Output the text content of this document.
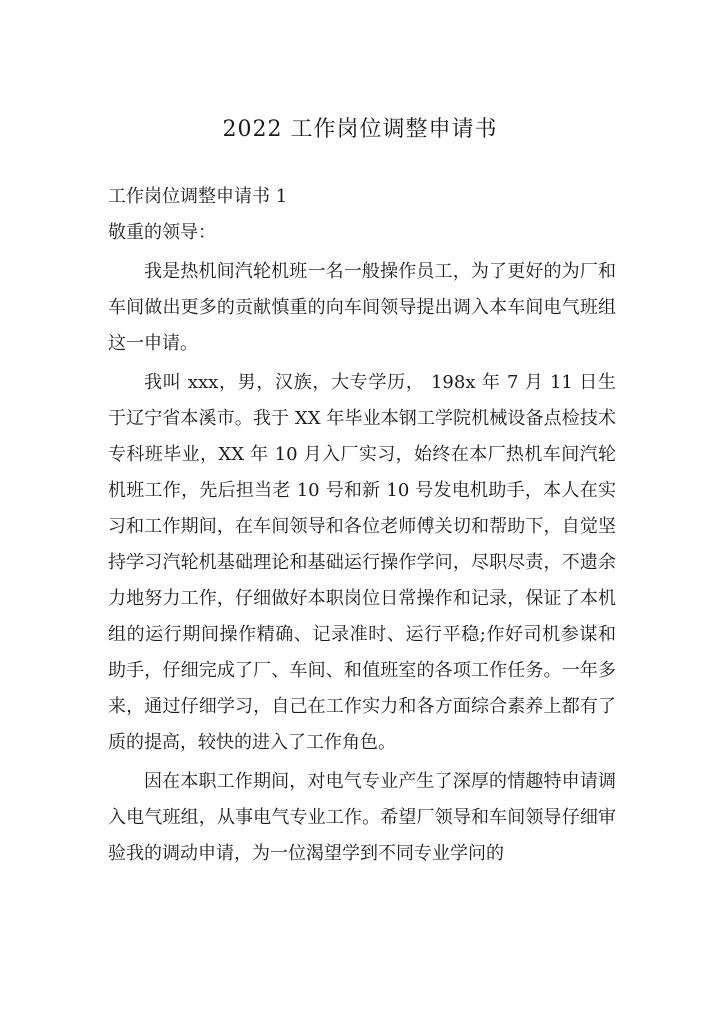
2022 工作岗位调整申请书

工作岗位调整申请书 1

敬重的领导：

我是热机间汽轮机班一名一般操作员工，为了更好的为厂和车间做出更多的贡献慎重的向车间领导提出调入本车间电气班组这一申请。

我叫 xxx，男，汉族，大专学历， 198x 年 7 月 11 日生于辽宁省本溪市。我于 XX 年毕业本钢工学院机械设备点检技术专科班毕业，XX 年 10 月入厂实习，始终在本厂热机车间汽轮机班工作，先后担当老 10 号和新 10 号发电机助手，本人在实习和工作期间，在车间领导和各位老师傅关切和帮助下，自觉坚持学习汽轮机基础理论和基础运行操作学问，尽职尽责，不遗余力地努力工作，仔细做好本职岗位日常操作和记录，保证了本机组的运行期间操作精确、记录准时、运行平稳;作好司机参谋和助手，仔细完成了厂、车间、和值班室的各项工作任务。一年多来，通过仔细学习，自己在工作实力和各方面综合素养上都有了质的提高，较快的进入了工作角色。

因在本职工作期间，对电气专业产生了深厚的情趣特申请调入电气班组，从事电气专业工作。希望厂领导和车间领导仔细审验我的调动申请，为一位渴望学到不同专业学问的
